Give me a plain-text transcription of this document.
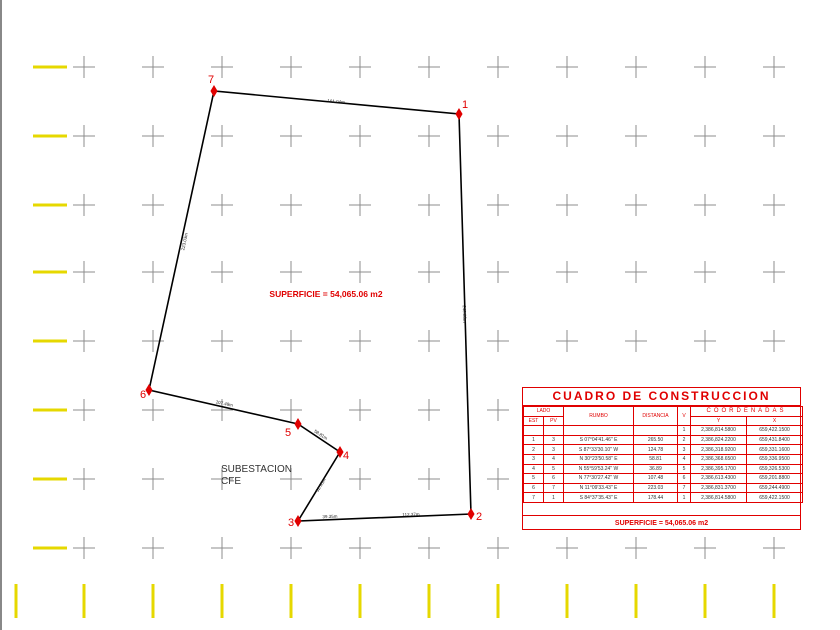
161.04m
240.83m
112.37m
39.35m
52.93m
58.81m
107.48m
223.03m
1
2
3
4
5
6
7
SUPERFICIE = 54,065.06 m2
SUBESTACION
CFE
CUADRO DE CONSTRUCCION
LADO		RUMBO	DISTANCIA	V	COORDENADAS	
EST	PV				Y	X
				1	2,386,814.5800	659,422.1500
1	3	S 07°04'41.46" E	265.50	2	2,386,824.2200	659,431.8400
2	3	S 87°33'30.10" W	124.78	3	2,386,318.9200	659,331.1600
3	4	N 30°23'50.58" E	58.81	4	2,386,368.6500	659,336.9500
4	5	N 55°59'53.24" W	36.89	5	2,386,395.1700	659,326.5300
5	6	N 77°30'27.42" W	107.48	6	2,386,613.4300	659,201.8800
6	7	N 11°09'33.43" E	223.03	7	2,386,831.3700	659,244.4900
7	1	S 84°37'35.43" E	178.44	1	2,386,814.5800	659,422.1500
SUPERFICIE = 54,065.06 m2
